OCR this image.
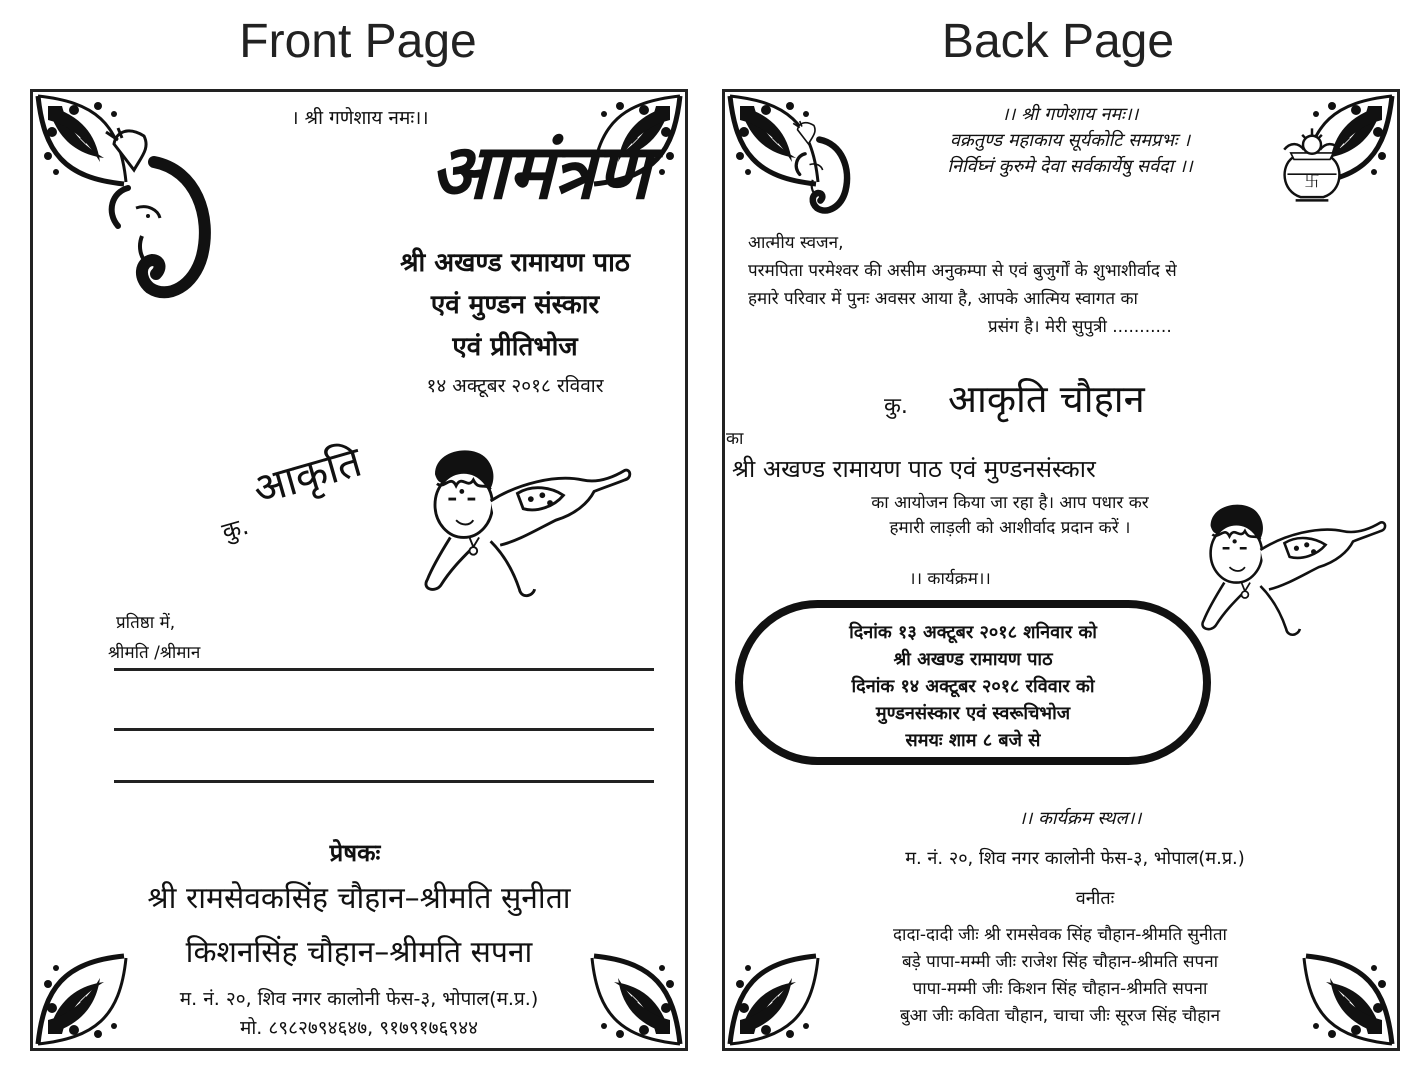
Front Page	Back Page
। श्री गणेशाय नमः।।
आमंत्रण
श्री अखण्ड रामायण पाठ
एवं मुण्डन संस्कार
एवं प्रीतिभोज
१४ अक्टूबर २०१८ रविवार
कु.
आकृति
प्रतिष्ठा में,
श्रीमति /श्रीमान
प्रेषकः
श्री रामसेवकसिंह चौहान–श्रीमति सुनीता
किशनसिंह चौहान–श्रीमति सपना
म. नं. २०, शिव नगर कालोनी फेस-३, भोपाल(म.प्र.)
मो. ८९८२७९४६४७, ९१७९१७६९४४
।। श्री गणेशाय नमः।।
वक्रतुण्ड महाकाय सूर्यकोटि समप्रभः ।
निर्विघ्नं कुरुमे देवा सर्वकार्येषु सर्वदा ।।
卐
आत्मीय स्वजन,
परमपिता परमेश्वर की असीम अनुकम्पा से एवं बुजुर्गों के शुभाशीर्वाद से
हमारे परिवार में पुनः अवसर आया है, आपके आत्मिय स्वागत का
प्रसंग है। मेरी सुपुत्री ...........
कु. आकृति चौहान
का
श्री अखण्ड रामायण पाठ एवं मुण्डनसंस्कार
का आयोजन किया जा रहा है। आप पधार कर
हमारी लाड़ली को आशीर्वाद प्रदान करें ।
।। कार्यक्रम।।
दिनांक १३ अक्टूबर २०१८ शनिवार को
श्री अखण्ड रामायण पाठ
दिनांक १४ अक्टूबर २०१८ रविवार को
मुण्डनसंस्कार एवं स्वरूचिभोज
समयः शाम ८ बजे से
।। कार्यक्रम स्थल।।
म. नं. २०, शिव नगर कालोनी फेस-३, भोपाल(म.प्र.)
वनीतः
दादा-दादी जीः श्री रामसेवक सिंह चौहान-श्रीमति सुनीता
बड़े पापा-मम्मी जीः राजेश सिंह चौहान-श्रीमति सपना
पापा-मम्मी जीः किशन सिंह चौहान-श्रीमति सपना
बुआ जीः कविता चौहान, चाचा जीः सूरज सिंह चौहान
